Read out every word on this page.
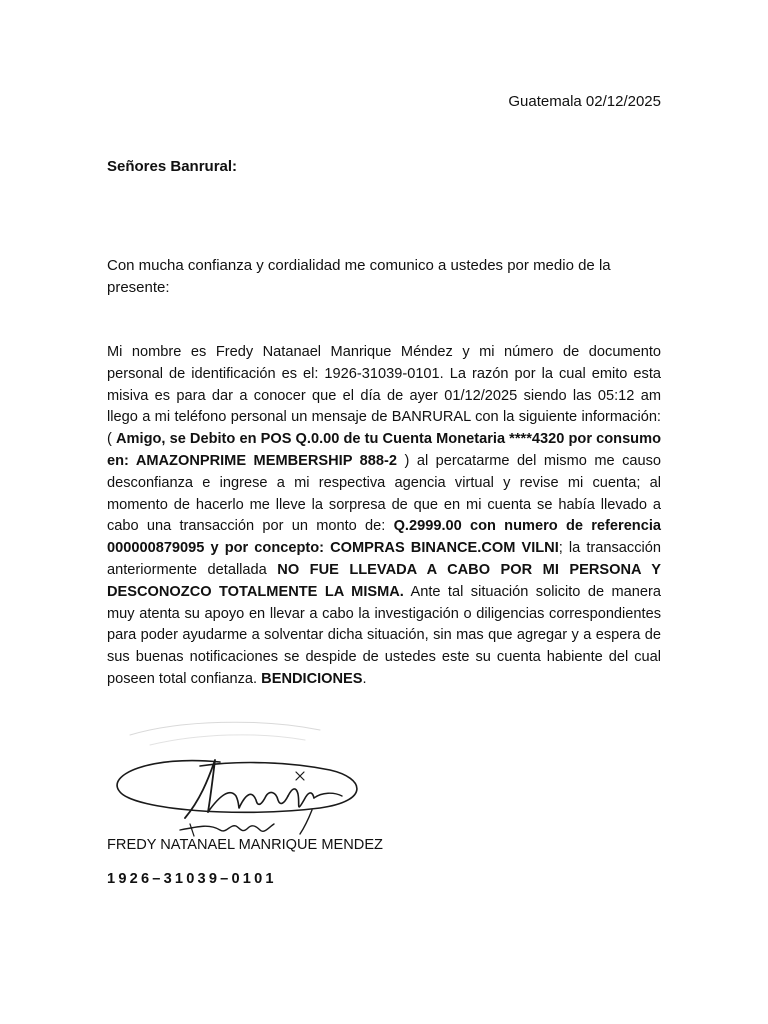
Guatemala 02/12/2025
Señores Banrural:
Con mucha confianza y cordialidad me comunico a ustedes por medio de la presente:
Mi nombre es Fredy Natanael Manrique Méndez y mi número de documento personal de identificación es el: 1926-31039-0101. La razón por la cual emito esta misiva es para dar a conocer que el día de ayer 01/12/2025 siendo las 05:12 am llego a mi teléfono personal un mensaje de BANRURAL con la siguiente información: ( Amigo, se Debito en POS Q.0.00 de tu Cuenta Monetaria ****4320 por consumo en: AMAZONPRIME MEMBERSHIP 888-2 ) al percatarme del mismo me causo desconfianza e ingrese a mi respectiva agencia virtual y revise mi cuenta; al momento de hacerlo me lleve la sorpresa de que en mi cuenta se había llevado a cabo una transacción por un monto de: Q.2999.00 con numero de referencia 000000879095 y por concepto: COMPRAS BINANCE.COM VILNI; la transacción anteriormente detallada NO FUE LLEVADA A CABO POR MI PERSONA Y DESCONOZCO TOTALMENTE LA MISMA. Ante tal situación solicito de manera muy atenta su apoyo en llevar a cabo la investigación o diligencias correspondientes para poder ayudarme a solventar dicha situación, sin mas que agregar y a espera de sus buenas notificaciones se despide de ustedes este su cuenta habiente del cual poseen total confianza. BENDICIONES.
FREDY NATANAEL MANRIQUE MENDEZ
1926–31039–0101
